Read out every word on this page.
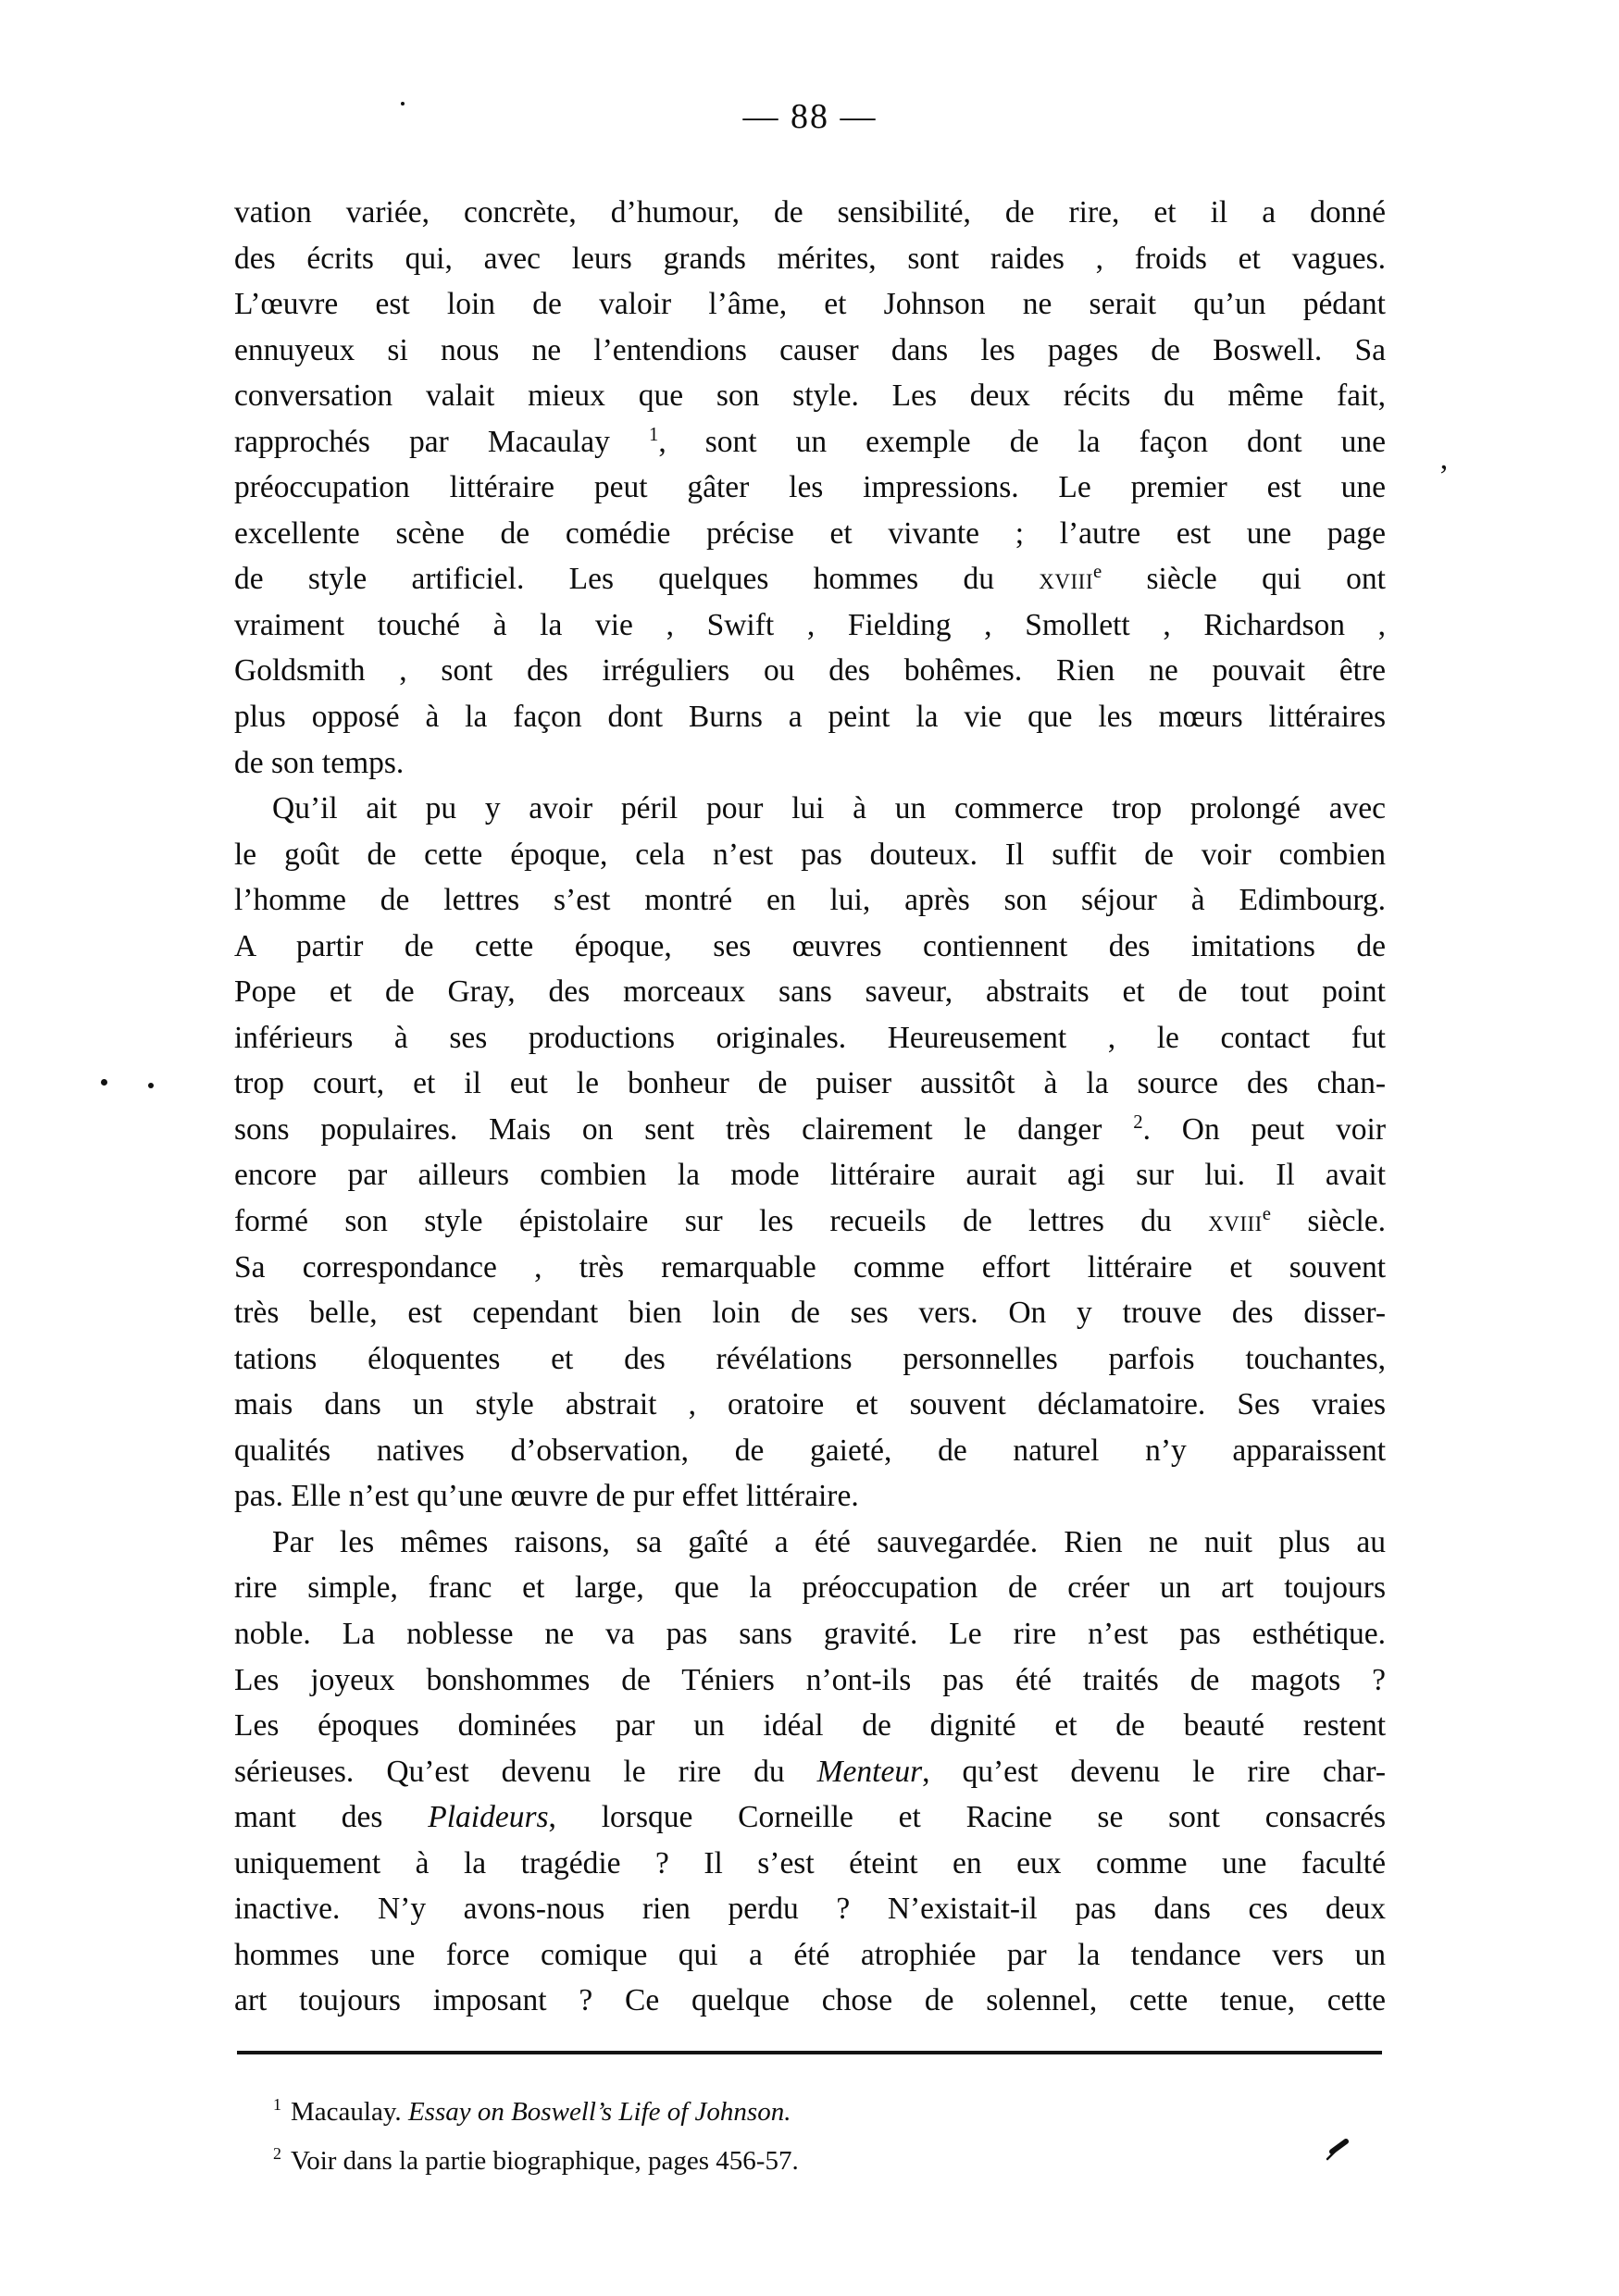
— 88 —
vation variée, concrète, d’humour, de sensibilité, de rire, et il a donné
des écrits qui, avec leurs grands mérites, sont raides , froids et vagues.
L’œuvre est loin de valoir l’âme, et Johnson ne serait qu’un pédant
ennuyeux si nous ne l’entendions causer dans les pages de Boswell. Sa
conversation valait mieux que son style. Les deux récits du même fait,
rapprochés par Macaulay $^1$, sont un exemple de la façon dont une
préoccupation littéraire peut gâter les impressions. Le premier est une
excellente scène de comédie précise et vivante ; l’autre est une page
de style artificiel. Les quelques hommes du xviii$^e$ siècle qui ont
vraiment touché à la vie , Swift , Fielding , Smollett , Richardson ,
Goldsmith , sont des irréguliers ou des bohêmes. Rien ne pouvait être
plus opposé à la façon dont Burns a peint la vie que les mœurs littéraires
de son temps.
Qu’il ait pu y avoir péril pour lui à un commerce trop prolongé avec
le goût de cette époque, cela n’est pas douteux. Il suffit de voir combien
l’homme de lettres s’est montré en lui, après son séjour à Edimbourg.
A partir de cette époque, ses œuvres contiennent des imitations de
Pope et de Gray, des morceaux sans saveur, abstraits et de tout point
inférieurs à ses productions originales. Heureusement , le contact fut
trop court, et il eut le bonheur de puiser aussitôt à la source des chan-
sons populaires. Mais on sent très clairement le danger $^2$. On peut voir
encore par ailleurs combien la mode littéraire aurait agi sur lui. Il avait
formé son style épistolaire sur les recueils de lettres du xviii$^e$ siècle.
Sa correspondance , très remarquable comme effort littéraire et souvent
très belle, est cependant bien loin de ses vers. On y trouve des disser-
tations éloquentes et des révélations personnelles parfois touchantes,
mais dans un style abstrait , oratoire et souvent déclamatoire. Ses vraies
qualités natives d’observation, de gaieté, de naturel n’y apparaissent
pas. Elle n’est qu’une œuvre de pur effet littéraire.
Par les mêmes raisons, sa gaîté a été sauvegardée. Rien ne nuit plus au
rire simple, franc et large, que la préoccupation de créer un art toujours
noble. La noblesse ne va pas sans gravité. Le rire n’est pas esthétique.
Les joyeux bonshommes de Téniers n’ont-ils pas été traités de magots ?
Les époques dominées par un idéal de dignité et de beauté restent
sérieuses. Qu’est devenu le rire du Menteur, qu’est devenu le rire char-
mant des Plaideurs, lorsque Corneille et Racine se sont consacrés
uniquement à la tragédie ? Il s’est éteint en eux comme une faculté
inactive. N’y avons-nous rien perdu ? N’existait-il pas dans ces deux
hommes une force comique qui a été atrophiée par la tendance vers un
art toujours imposant ? Ce quelque chose de solennel, cette tenue, cette
$^1$ Macaulay. Essay on Boswell’s Life of Johnson.
$^2$ Voir dans la partie biographique, pages 456-57.
’
